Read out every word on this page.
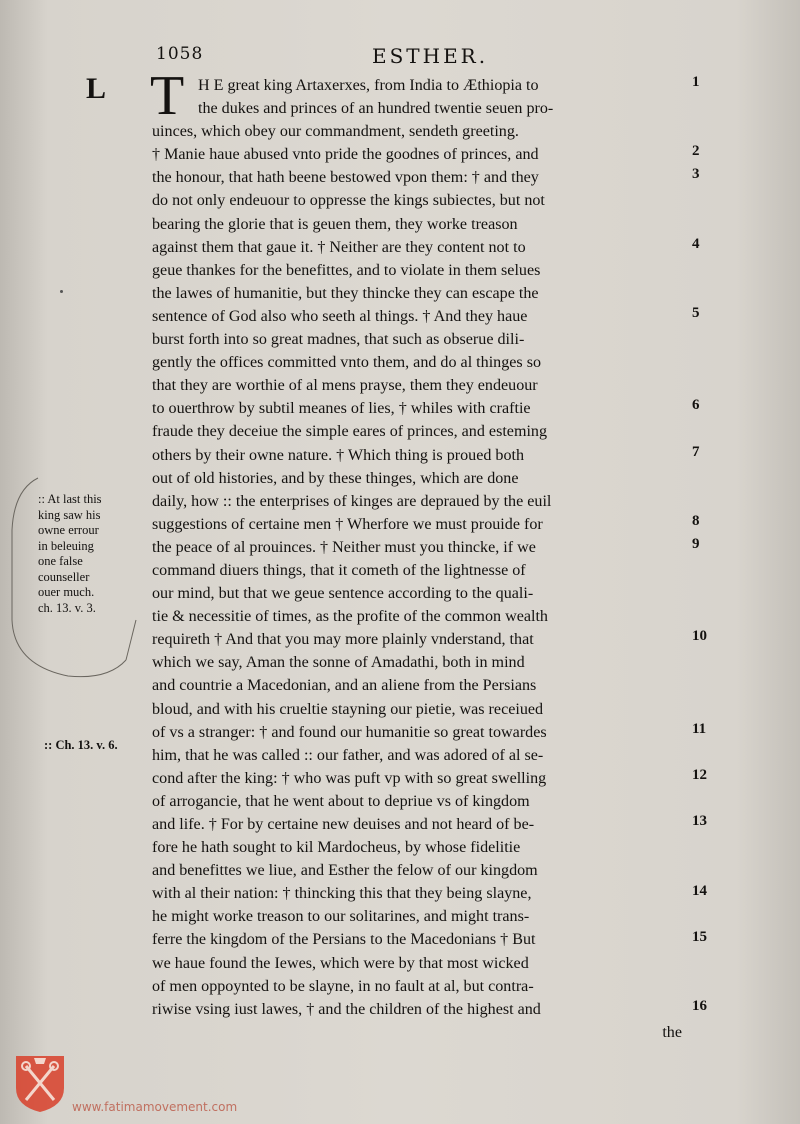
1058	ESTHER.
L T H E great king Artaxerxes, from India to Æthiopia to
the dukes and princes of an hundred twentie seuen pro-
uinces, which obey our commandment, sendeth greeting.
† Manie haue abused vnto pride the goodnes of princes, and
the honour, that hath beene bestowed vpon them: † and they
do not only endeuour to oppresse the kings subiectes, but not
bearing the glorie that is geuen them, they worke treason
against them that gaue it. † Neither are they content not to
geue thankes for the benefittes, and to violate in them selues
the lawes of humanitie, but they thincke they can escape the
sentence of God also who seeth al things. † And they haue
burst forth into so great madnes, that such as obserue dili-
gently the offices committed vnto them, and do al thinges so
that they are worthie of al mens prayse, them they endeuour
to ouerthrow by subtil meanes of lies, † whiles with craftie
fraude they deceiue the simple eares of princes, and esteming
others by their owne nature. † Which thing is proued both
out of old histories, and by these thinges, which are done
daily, how :: the enterprises of kinges are depraued by the euil
suggestions of certaine men † Wherfore we must prouide for
the peace of al prouinces. † Neither must you thincke, if we
command diuers things, that it cometh of the lightnesse of
our mind, but that we geue sentence according to the quali-
tie & necessitie of times, as the profite of the common wealth
requireth † And that you may more plainly vnderstand, that
which we say, Aman the sonne of Amadathi, both in mind
and countrie a Macedonian, and an aliene from the Persians
bloud, and with his crueltie stayning our pietie, was receiued
of vs a stranger: † and found our humanitie so great towardes
him, that he was called :: our father, and was adored of al se-
cond after the king: † who was puft vp with so great swelling
of arrogancie, that he went about to depriue vs of kingdom
and life. † For by certaine new deuises and not heard of be-
fore he hath sought to kil Mardocheus, by whose fidelitie
and benefittes we liue, and Esther the felow of our kingdom
with al their nation: † thincking this that they being slayne,
he might worke treason to our solitarines, and might trans-
ferre the kingdom of the Persians to the Macedonians † But
we haue found the Iewes, which were by that most wicked
of men oppoynted to be slayne, in no fault at al, but contra-
riwise vsing iust lawes, † and the children of the highest and
the
1
2
3
4
5
6
7
8
9
10
11
12
13
14
15
16
:: At last this
king saw his
owne errour
in beleuing
one false
counseller
ouer much.
ch. 13. v. 3.
:: Ch. 13. v. 6.
www.fatimamovement.com
